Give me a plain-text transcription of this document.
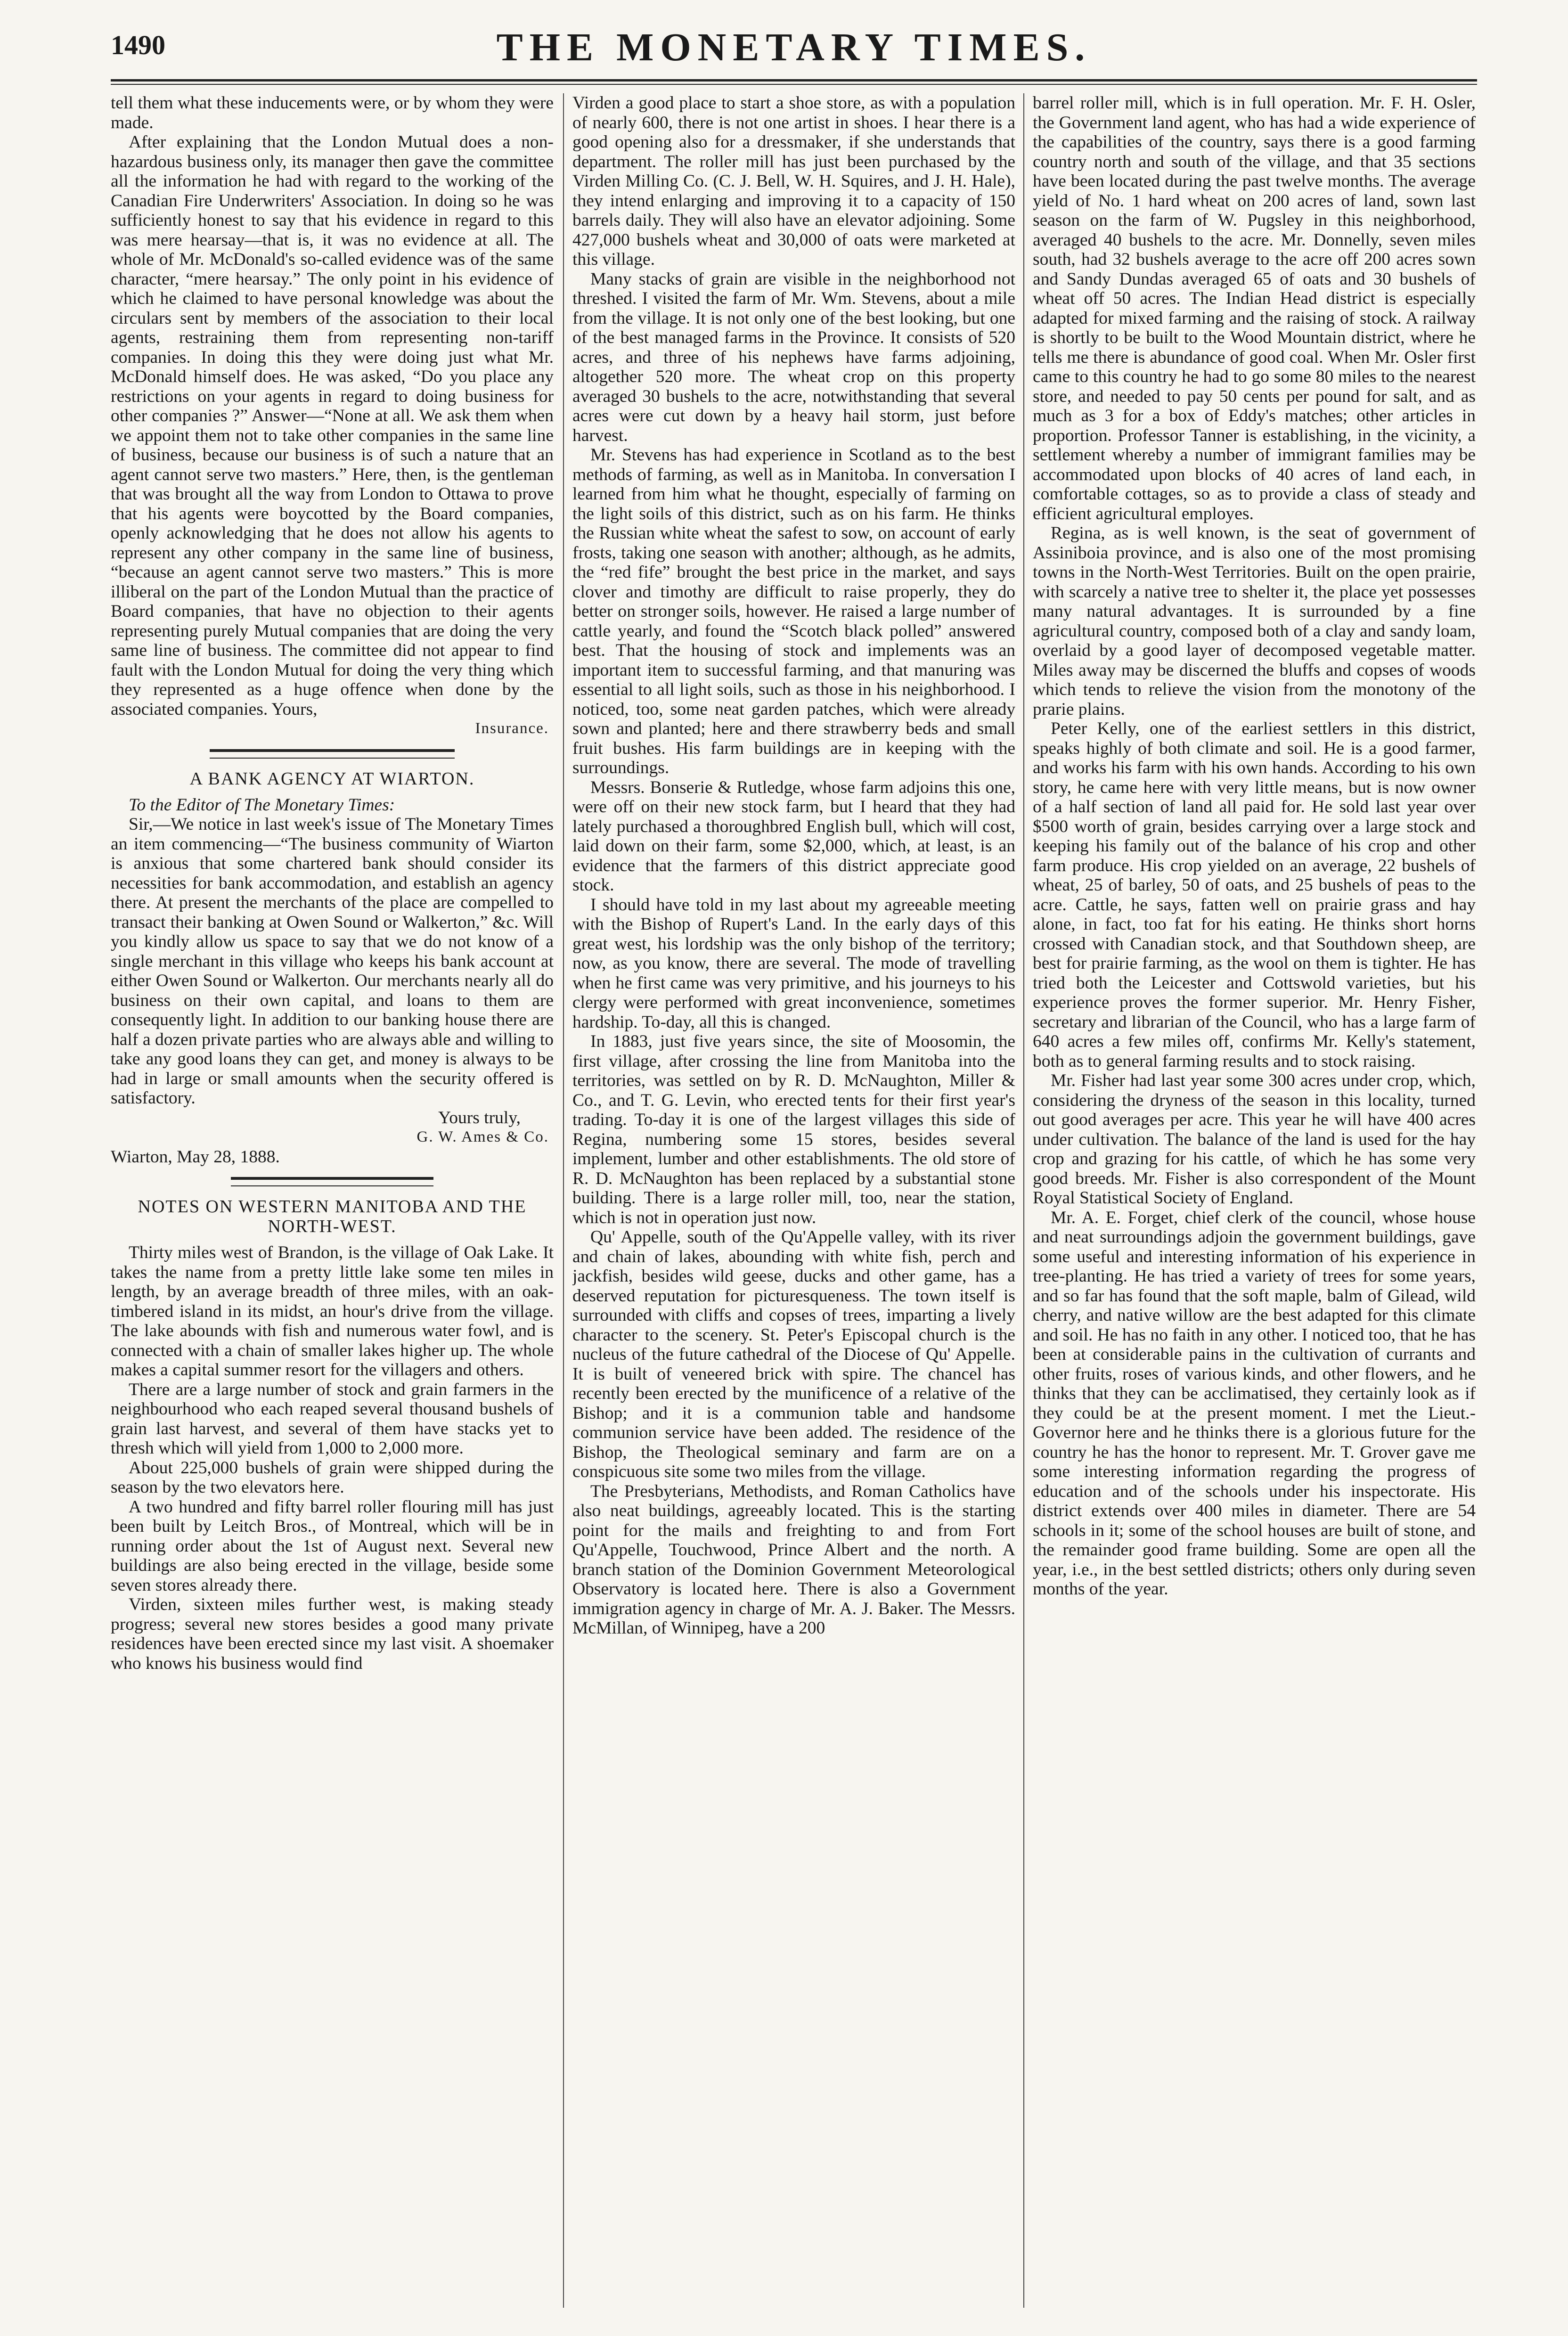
1490	THE MONETARY TIMES.

tell them what these inducements were, or by whom they were made.

After explaining that the London Mutual does a non-hazardous business only, its manager then gave the committee all the information he had with regard to the working of the Canadian Fire Underwriters' Association. In doing so he was sufficiently honest to say that his evidence in regard to this was mere hearsay—that is, it was no evidence at all. The whole of Mr. McDonald's so-called evidence was of the same character, “mere hearsay.” The only point in his evidence of which he claimed to have personal knowledge was about the circulars sent by members of the association to their local agents, restraining them from representing non-tariff companies. In doing this they were doing just what Mr. McDonald himself does. He was asked, “Do you place any restrictions on your agents in regard to doing business for other companies ?” Answer—“None at all. We ask them when we appoint them not to take other companies in the same line of business, because our business is of such a nature that an agent cannot serve two masters.” Here, then, is the gentleman that was brought all the way from London to Ottawa to prove that his agents were boycotted by the Board companies, openly acknowledging that he does not allow his agents to represent any other company in the same line of business, “because an agent cannot serve two masters.” This is more illiberal on the part of the London Mutual than the practice of Board companies, that have no objection to their agents representing purely Mutual companies that are doing the very same line of business. The committee did not appear to find fault with the London Mutual for doing the very thing which they represented as a huge offence when done by the associated companies. Yours,

Insurance.

A BANK AGENCY AT WIARTON.

To the Editor of The Monetary Times:

Sir,—We notice in last week's issue of The Monetary Times an item commencing—“The business community of Wiarton is anxious that some chartered bank should consider its necessities for bank accommodation, and establish an agency there. At present the merchants of the place are compelled to transact their banking at Owen Sound or Walkerton,” &c. Will you kindly allow us space to say that we do not know of a single merchant in this village who keeps his bank account at either Owen Sound or Walkerton. Our merchants nearly all do business on their own capital, and loans to them are consequently light. In addition to our banking house there are half a dozen private parties who are always able and willing to take any good loans they can get, and money is always to be had in large or small amounts when the security offered is satisfactory.

Yours truly,

G. W. Ames & Co.

Wiarton, May 28, 1888.

NOTES ON WESTERN MANITOBA AND THE NORTH-WEST.

Thirty miles west of Brandon, is the village of Oak Lake. It takes the name from a pretty little lake some ten miles in length, by an average breadth of three miles, with an oak-timbered island in its midst, an hour's drive from the village. The lake abounds with fish and numerous water fowl, and is connected with a chain of smaller lakes higher up. The whole makes a capital summer resort for the villagers and others.

There are a large number of stock and grain farmers in the neighbourhood who each reaped several thousand bushels of grain last harvest, and several of them have stacks yet to thresh which will yield from 1,000 to 2,000 more.

About 225,000 bushels of grain were shipped during the season by the two elevators here.

A two hundred and fifty barrel roller flouring mill has just been built by Leitch Bros., of Montreal, which will be in running order about the 1st of August next. Several new buildings are also being erected in the village, beside some seven stores already there.

Virden, sixteen miles further west, is making steady progress; several new stores besides a good many private residences have been erected since my last visit. A shoemaker who knows his business would find

Virden a good place to start a shoe store, as with a population of nearly 600, there is not one artist in shoes. I hear there is a good opening also for a dressmaker, if she understands that department. The roller mill has just been purchased by the Virden Milling Co. (C. J. Bell, W. H. Squires, and J. H. Hale), they intend enlarging and improving it to a capacity of 150 barrels daily. They will also have an elevator adjoining. Some 427,000 bushels wheat and 30,000 of oats were marketed at this village.

Many stacks of grain are visible in the neighborhood not threshed. I visited the farm of Mr. Wm. Stevens, about a mile from the village. It is not only one of the best looking, but one of the best managed farms in the Province. It consists of 520 acres, and three of his nephews have farms adjoining, altogether 520 more. The wheat crop on this property averaged 30 bushels to the acre, notwithstanding that several acres were cut down by a heavy hail storm, just before harvest.

Mr. Stevens has had experience in Scotland as to the best methods of farming, as well as in Manitoba. In conversation I learned from him what he thought, especially of farming on the light soils of this district, such as on his farm. He thinks the Russian white wheat the safest to sow, on account of early frosts, taking one season with another; although, as he admits, the “red fife” brought the best price in the market, and says clover and timothy are difficult to raise properly, they do better on stronger soils, however. He raised a large number of cattle yearly, and found the “Scotch black polled” answered best. That the housing of stock and implements was an important item to successful farming, and that manuring was essential to all light soils, such as those in his neighborhood. I noticed, too, some neat garden patches, which were already sown and planted; here and there strawberry beds and small fruit bushes. His farm buildings are in keeping with the surroundings.

Messrs. Bonserie & Rutledge, whose farm adjoins this one, were off on their new stock farm, but I heard that they had lately purchased a thoroughbred English bull, which will cost, laid down on their farm, some $2,000, which, at least, is an evidence that the farmers of this district appreciate good stock.

I should have told in my last about my agreeable meeting with the Bishop of Rupert's Land. In the early days of this great west, his lordship was the only bishop of the territory; now, as you know, there are several. The mode of travelling when he first came was very primitive, and his journeys to his clergy were performed with great inconvenience, sometimes hardship. To-day, all this is changed.

In 1883, just five years since, the site of Moosomin, the first village, after crossing the line from Manitoba into the territories, was settled on by R. D. McNaughton, Miller & Co., and T. G. Levin, who erected tents for their first year's trading. To-day it is one of the largest villages this side of Regina, numbering some 15 stores, besides several implement, lumber and other establishments. The old store of R. D. McNaughton has been replaced by a substantial stone building. There is a large roller mill, too, near the station, which is not in operation just now.

Qu' Appelle, south of the Qu'Appelle valley, with its river and chain of lakes, abounding with white fish, perch and jackfish, besides wild geese, ducks and other game, has a deserved reputation for picturesqueness. The town itself is surrounded with cliffs and copses of trees, imparting a lively character to the scenery. St. Peter's Episcopal church is the nucleus of the future cathedral of the Diocese of Qu' Appelle. It is built of veneered brick with spire. The chancel has recently been erected by the munificence of a relative of the Bishop; and it is a communion table and handsome communion service have been added. The residence of the Bishop, the Theological seminary and farm are on a conspicuous site some two miles from the village.

The Presbyterians, Methodists, and Roman Catholics have also neat buildings, agreeably located. This is the starting point for the mails and freighting to and from Fort Qu'Appelle, Touchwood, Prince Albert and the north. A branch station of the Dominion Government Meteorological Observatory is located here. There is also a Government immigration agency in charge of Mr. A. J. Baker. The Messrs. McMillan, of Winnipeg, have a 200

barrel roller mill, which is in full operation. Mr. F. H. Osler, the Government land agent, who has had a wide experience of the capabilities of the country, says there is a good farming country north and south of the village, and that 35 sections have been located during the past twelve months. The average yield of No. 1 hard wheat on 200 acres of land, sown last season on the farm of W. Pugsley in this neighborhood, averaged 40 bushels to the acre. Mr. Donnelly, seven miles south, had 32 bushels average to the acre off 200 acres sown and Sandy Dundas averaged 65 of oats and 30 bushels of wheat off 50 acres. The Indian Head district is especially adapted for mixed farming and the raising of stock. A railway is shortly to be built to the Wood Mountain district, where he tells me there is abundance of good coal. When Mr. Osler first came to this country he had to go some 80 miles to the nearest store, and needed to pay 50 cents per pound for salt, and as much as 3 for a box of Eddy's matches; other articles in proportion. Professor Tanner is establishing, in the vicinity, a settlement whereby a number of immigrant families may be accommodated upon blocks of 40 acres of land each, in comfortable cottages, so as to provide a class of steady and efficient agricultural employes.

Regina, as is well known, is the seat of government of Assiniboia province, and is also one of the most promising towns in the North-West Territories. Built on the open prairie, with scarcely a native tree to shelter it, the place yet possesses many natural advantages. It is surrounded by a fine agricultural country, composed both of a clay and sandy loam, overlaid by a good layer of decomposed vegetable matter. Miles away may be discerned the bluffs and copses of woods which tends to relieve the vision from the monotony of the prarie plains.

Peter Kelly, one of the earliest settlers in this district, speaks highly of both climate and soil. He is a good farmer, and works his farm with his own hands. According to his own story, he came here with very little means, but is now owner of a half section of land all paid for. He sold last year over $500 worth of grain, besides carrying over a large stock and keeping his family out of the balance of his crop and other farm produce. His crop yielded on an average, 22 bushels of wheat, 25 of barley, 50 of oats, and 25 bushels of peas to the acre. Cattle, he says, fatten well on prairie grass and hay alone, in fact, too fat for his eating. He thinks short horns crossed with Canadian stock, and that Southdown sheep, are best for prairie farming, as the wool on them is tighter. He has tried both the Leicester and Cottswold varieties, but his experience proves the former superior. Mr. Henry Fisher, secretary and librarian of the Council, who has a large farm of 640 acres a few miles off, confirms Mr. Kelly's statement, both as to general farming results and to stock raising.

Mr. Fisher had last year some 300 acres under crop, which, considering the dryness of the season in this locality, turned out good averages per acre. This year he will have 400 acres under cultivation. The balance of the land is used for the hay crop and grazing for his cattle, of which he has some very good breeds. Mr. Fisher is also correspondent of the Mount Royal Statistical Society of England.

Mr. A. E. Forget, chief clerk of the council, whose house and neat surroundings adjoin the government buildings, gave some useful and interesting information of his experience in tree-planting. He has tried a variety of trees for some years, and so far has found that the soft maple, balm of Gilead, wild cherry, and native willow are the best adapted for this climate and soil. He has no faith in any other. I noticed too, that he has been at considerable pains in the cultivation of currants and other fruits, roses of various kinds, and other flowers, and he thinks that they can be acclimatised, they certainly look as if they could be at the present moment. I met the Lieut.-Governor here and he thinks there is a glorious future for the country he has the honor to represent. Mr. T. Grover gave me some interesting information regarding the progress of education and of the schools under his inspectorate. His district extends over 400 miles in diameter. There are 54 schools in it; some of the school houses are built of stone, and the remainder good frame building. Some are open all the year, i.e., in the best settled districts; others only during seven months of the year.
